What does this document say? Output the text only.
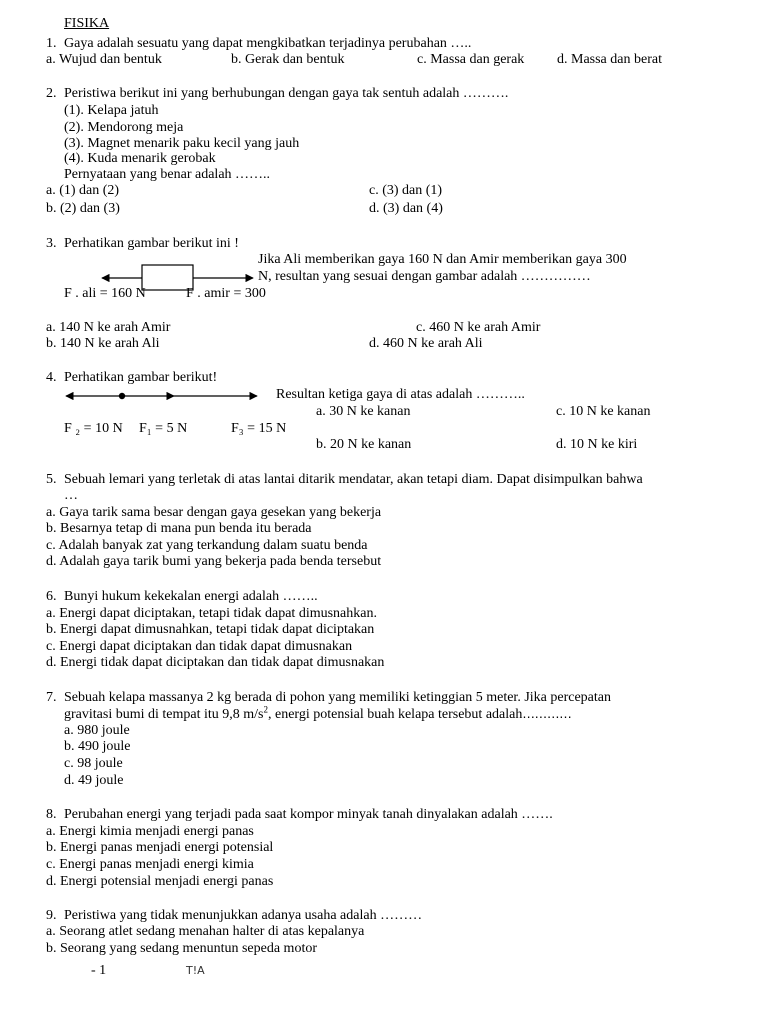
FISIKA
1. Gaya adalah sesuatu yang dapat mengkibatkan terjadinya perubahan …..
a. Wujud dan bentuk	b. Gerak dan bentuk	c. Massa dan gerak d. Massa dan berat
2. Peristiwa berikut ini yang berhubungan dengan gaya tak sentuh adalah ……….
(1). Kelapa jatuh
(2). Mendorong meja
(3). Magnet menarik paku kecil yang jauh
(4). Kuda menarik gerobak
Pernyataan yang benar adalah ……..
a. (1) dan (2)	c. (3) dan (1)
b. (2) dan (3)	d. (3) dan (4)
3. Perhatikan gambar berikut ini !
Jika Ali memberikan gaya 160 N dan Amir memberikan gaya 300
N, resultan yang sesuai dengan gambar adalah ……………
F . ali = 160 N	F . amir = 300
a. 140 N ke arah Amir	c. 460 N ke arah Amir
b. 140 N ke arah Ali	d. 460 N ke arah Ali
4. Perhatikan gambar berikut!
Resultan ketiga gaya di atas adalah ………..
a. 30 N ke kanan	c. 10 N ke kanan
F ₂ = 10 N F₁ = 5 N	F₃ = 15 N
b. 20 N ke kanan	d. 10 N ke kiri
5. Sebuah lemari yang terletak di atas lantai ditarik mendatar, akan tetapi diam. Dapat disimpulkan bahwa
…
a. Gaya tarik sama besar dengan gaya gesekan yang bekerja
b. Besarnya tetap di mana pun benda itu berada
c. Adalah banyak zat yang terkandung dalam suatu benda
d. Adalah gaya tarik bumi yang bekerja pada benda tersebut
6. Bunyi hukum kekekalan energi adalah ……..
a. Energi dapat diciptakan, tetapi tidak dapat dimusnahkan.
b. Energi dapat dimusnahkan, tetapi tidak dapat diciptakan
c. Energi dapat diciptakan dan tidak dapat dimusnakan
d. Energi tidak dapat diciptakan dan tidak dapat dimusnakan
7. Sebuah kelapa massanya 2 kg berada di pohon yang memiliki ketinggian 5 meter. Jika percepatan
gravitasi bumi di tempat itu 9,8 $m/s^2$, energi potensial buah kelapa tersebut adalah…………
a. 980 joule
b. 490 joule
c. 98 joule
d. 49 joule
8. Perubahan energi yang terjadi pada saat kompor minyak tanah dinyalakan adalah …….
a. Energi kimia menjadi energi panas
b. Energi panas menjadi energi potensial
c. Energi panas menjadi energi kimia
d. Energi potensial menjadi energi panas
9. Peristiwa yang tidak menunjukkan adanya usaha adalah ………
a. Seorang atlet sedang menahan halter di atas kepalanya
b. Seorang yang sedang menuntun sepeda motor
- 1	T!A
